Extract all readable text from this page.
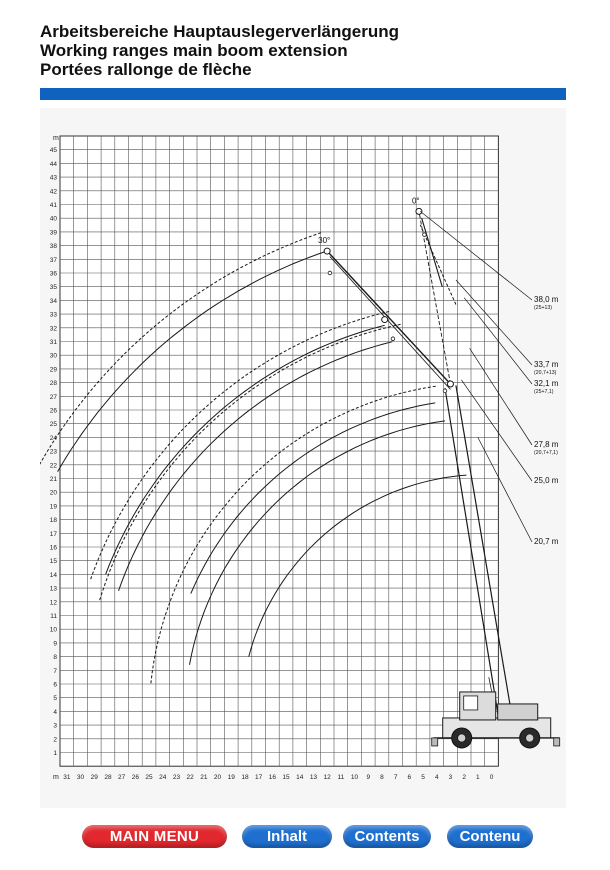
Arbeitsbereiche Hauptauslegerverlängerung
Working ranges main boom extension
Portées rallonge de flèche
m
m
1
2
3
4
5
6
7
8
9
10
11
12
13
14
15
16
17
18
19
20
21
22
23
24
25
26
27
28
29
30
31
32
33
34
35
36
37
38
39
40
41
42
43
44
45
31 30 29 28 27 26 25 24 23 22 21 20 19 18 17 16 15 14 13 12 11 10 9 8 7 6 5 4 3 2 1 0
0°
30°
38,0 m
(25+13)
33,7 m
(20,7+13)
32,1 m
(25+7,1)
27,8 m
(20,7+7,1)
25,0 m
20,7 m
MAIN MENU	Inhalt	Contents	Contenu
